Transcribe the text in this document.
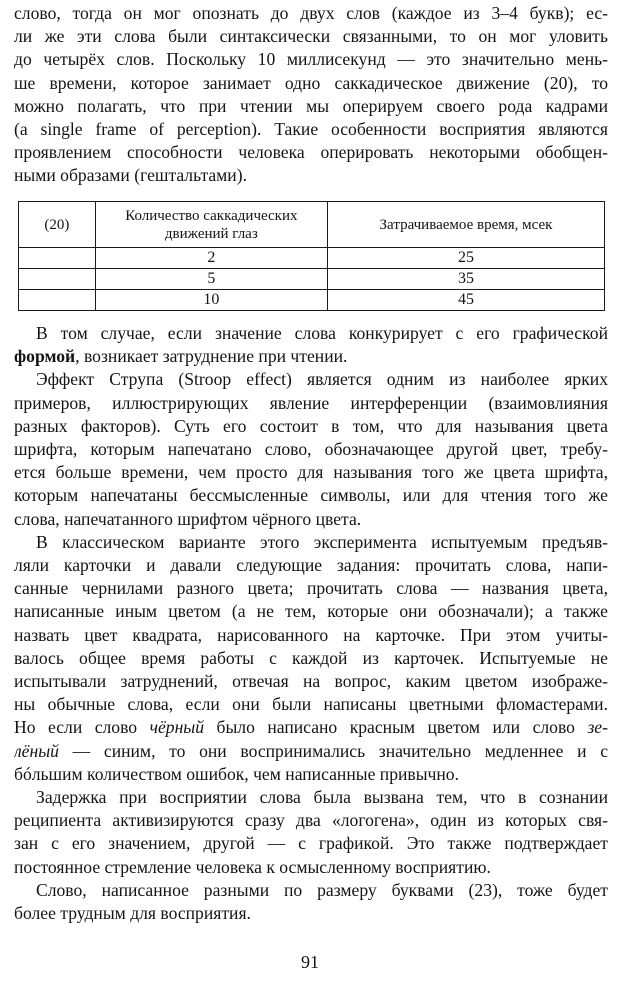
слово, тогда он мог опознать до двух слов (каждое из 3–4 букв); ес-
ли же эти слова были синтаксически связанными, то он мог уловить
до четырёх слов. Поскольку 10 миллисекунд — это значительно мень-
ше времени, которое занимает одно саккадическое движение (20), то
можно полагать, что при чтении мы оперируем своего рода кадрами
(a single frame of perception). Такие особенности восприятия являются
проявлением способности человека оперировать некоторыми обобщен-
ными образами (гештальтами).
(20)	Количество саккадических движений глаз	Затрачиваемое время, мсек
	2	25
	5	35
	10	45
В том случае, если значение слова конкурирует с его графической
формой, возникает затруднение при чтении.
Эффект Струпа (Stroop effect) является одним из наиболее ярких
примеров, иллюстрирующих явление интерференции (взаимовлияния
разных факторов). Суть его состоит в том, что для называния цвета
шрифта, которым напечатано слово, обозначающее другой цвет, требу-
ется больше времени, чем просто для называния того же цвета шрифта,
которым напечатаны бессмысленные символы, или для чтения того же
слова, напечатанного шрифтом чёрного цвета.
В классическом варианте этого эксперимента испытуемым предъяв-
ляли карточки и давали следующие задания: прочитать слова, напи-
санные чернилами разного цвета; прочитать слова — названия цвета,
написанные иным цветом (а не тем, которые они обозначали); а также
назвать цвет квадрата, нарисованного на карточке. При этом учиты-
валось общее время работы с каждой из карточек. Испытуемые не
испытывали затруднений, отвечая на вопрос, каким цветом изображе-
ны обычные слова, если они были написаны цветными фломастерами.
Но если слово чёрный было написано красным цветом или слово зе-
лёный — синим, то они воспринимались значительно медленнее и с
бóльшим количеством ошибок, чем написанные привычно.
Задержка при восприятии слова была вызвана тем, что в сознании
реципиента активизируются сразу два «логогена», один из которых свя-
зан с его значением, другой — с графикой. Это также подтверждает
постоянное стремление человека к осмысленному восприятию.
Слово, написанное разными по размеру буквами (23), тоже будет
более трудным для восприятия.
91
